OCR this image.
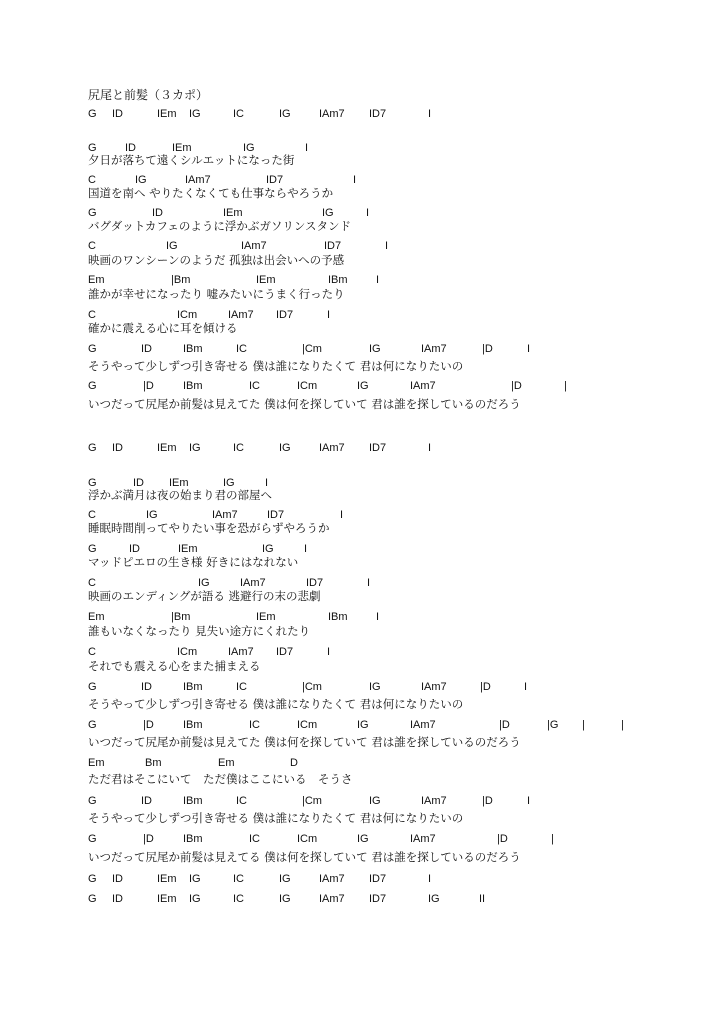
尻尾と前髪（３カポ）
G ID	IEm IG	IC	IG	IAm7 ID7	I
G	ID	IEm	IG	I
夕日が落ちて遠くシルエットになった街
C	IG	IAm7	ID7	I
国道を南へ やりたくなくても仕事ならやろうか
G	ID	IEm	IG	I
バグダットカフェのように浮かぶガソリンスタンド
C	IG	IAm7	ID7	I
映画のワンシーンのようだ 孤独は出会いへの予感
Em	|Bm	IEm	IBm	I
誰かが幸せになったり 嘘みたいにうまく行ったり
C	ICm	IAm7 ID7	I
確かに震える心に耳を傾ける
G	ID	IBm	IC	|Cm	IG	IAm7	|D	I
そうやって少しずつ引き寄せる 僕は誰になりたくて 君は何になりたいの
G	|D	IBm	IC	ICm	IG	IAm7	|D	|
いつだって尻尾か前髪は見えてた 僕は何を探していて 君は誰を探しているのだろう
G ID	IEm IG	IC	IG	IAm7 ID7	I
G	ID IEm	IG	I
浮かぶ満月は夜の始まり君の部屋へ
C	IG	IAm7	ID7	I
睡眠時間削ってやりたい事を恐がらずやろうか
G	ID	IEm	IG	I
マッドピエロの生き様 好きにはなれない
C	IG	IAm7	ID7	I
映画のエンディングが語る 逃避行の末の悲劇
Em	|Bm	IEm	IBm	I
誰もいなくなったり 見失い途方にくれたり
C	ICm	IAm7 ID7	I
それでも震える心をまた捕まえる
G	ID	IBm	IC	|Cm	IG	IAm7	|D	I
そうやって少しずつ引き寄せる 僕は誰になりたくて 君は何になりたいの
G	|D	IBm	IC	ICm	IG	IAm7	|D	|G |	|
いつだって尻尾か前髪は見えてた 僕は何を探していて 君は誰を探しているのだろう
Em	Bm	Em	D
ただ君はそこにいて　ただ僕はここにいる　そうさ
G	ID	IBm	IC	|Cm	IG	IAm7	|D	I
そうやって少しずつ引き寄せる 僕は誰になりたくて 君は何になりたいの
G	|D	IBm	IC	ICm	IG	IAm7	|D	|
いつだって尻尾か前髪は見えてる 僕は何を探していて 君は誰を探しているのだろう
G ID	IEm IG	IC	IG	IAm7 ID7	I
G ID	IEm IG	IC	IG	IAm7 ID7	IG	II
